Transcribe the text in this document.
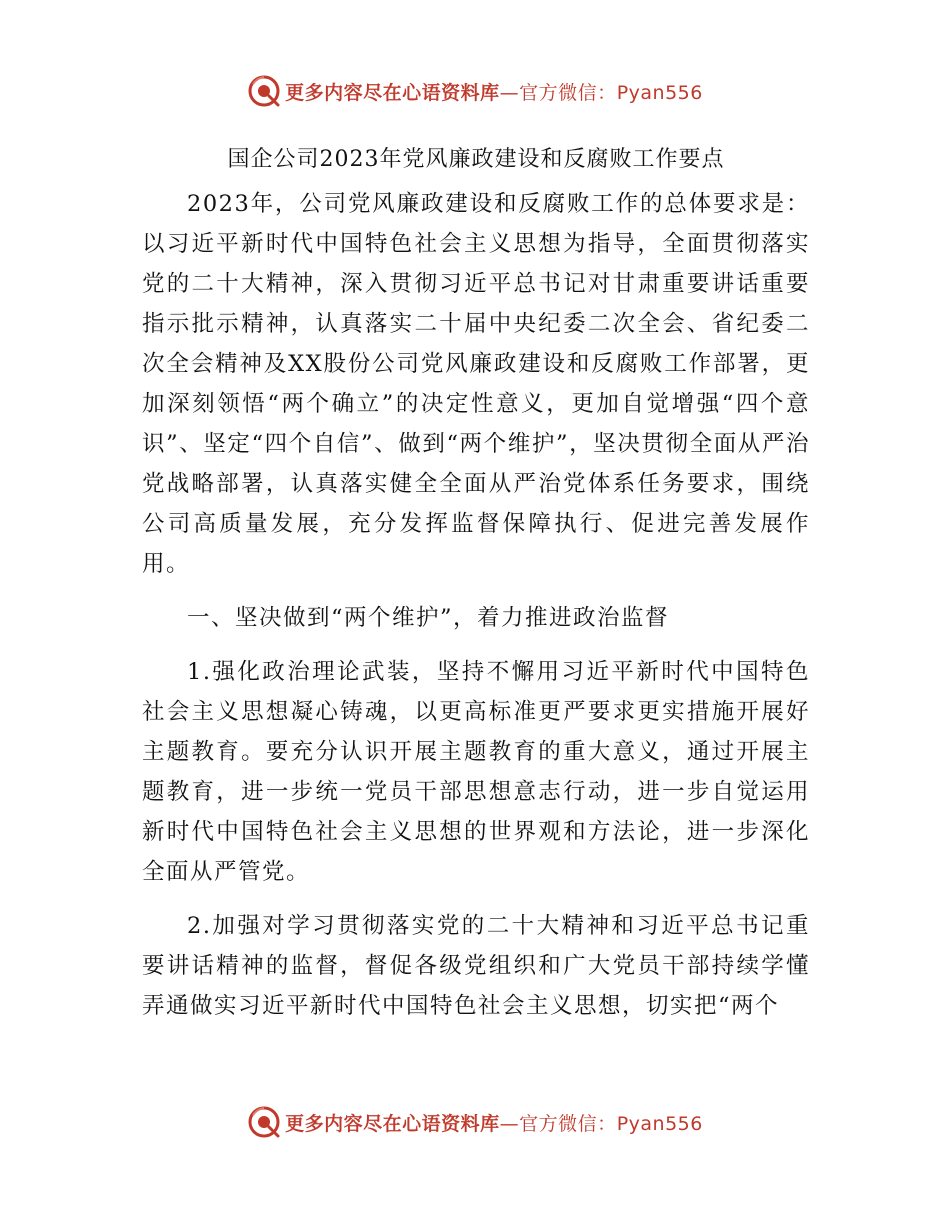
更多内容尽在心语资料库—官方微信：Pyan556
国企公司2023年党风廉政建设和反腐败工作要点

2023年，公司党风廉政建设和反腐败工作的总体要求是：以习近平新时代中国特色社会主义思想为指导，全面贯彻落实党的二十大精神，深入贯彻习近平总书记对甘肃重要讲话重要指示批示精神，认真落实二十届中央纪委二次全会、省纪委二次全会精神及XX股份公司党风廉政建设和反腐败工作部署，更加深刻领悟“两个确立”的决定性意义，更加自觉增强“四个意识”、坚定“四个自信”、做到“两个维护”，坚决贯彻全面从严治党战略部署，认真落实健全全面从严治党体系任务要求，围绕公司高质量发展，充分发挥监督保障执行、促进完善发展作用。

一、坚决做到“两个维护”，着力推进政治监督

1.强化政治理论武装，坚持不懈用习近平新时代中国特色社会主义思想凝心铸魂，以更高标准更严要求更实措施开展好主题教育。要充分认识开展主题教育的重大意义，通过开展主题教育，进一步统一党员干部思想意志行动，进一步自觉运用新时代中国特色社会主义思想的世界观和方法论，进一步深化全面从严管党。

2.加强对学习贯彻落实党的二十大精神和习近平总书记重要讲话精神的监督，督促各级党组织和广大党员干部持续学懂弄通做实习近平新时代中国特色社会主义思想，切实把“两个

更多内容尽在心语资料库—官方微信：Pyan556
